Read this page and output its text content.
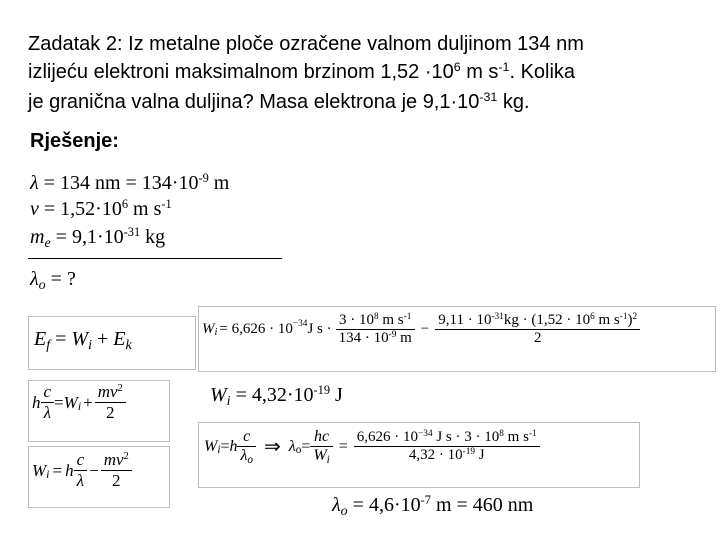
Zadatak 2: Iz metalne ploče ozračene valnom duljinom 134 nm

izlijeću elektroni maksimalnom brzinom $1,52 \cdot 10^6$ m $s^{-1}$. Kolika

je granična valna duljina? Masa elektrona je $9,1\cdot 10^{-31}$ kg.

Rješenje:
λ = 134 nm = $134\cdot 10^{-9}$ m
$v = 1,52\cdot 10^6$ m $s^{-1}$
$m_e = 9,1\cdot 10^{-31}$ kg
$\lambda_o$ = ?
$E_f = W_i + E_k$
h $\frac{c}{\lambda} = W$ $_i + \frac{mv^2}{2}$
W $_i$ = h $\frac{c}{\lambda} - \frac{mv^2}{2}$
W $_i = 6,626 \cdot 10^{-34}$ J $s \cdot \frac{3 \cdot 10^8 m s^{-1}}{134 \cdot 10^{-9} m} - \frac{9,11 \cdot 10^{-31}kg \cdot (1,52 \cdot 10^6 m s^{-1})^2}{2}$
$W_i = 4,32\cdot 10^{-19}$ J
W $_i$ = h $\frac{c}{\lambda_o}$ ⇒ $\lambda_o = \frac{hc}{W_i} = \frac{6,626 \cdot 10^{-34} J s \cdot 3 \cdot 10^8 m s^{-1}}{4,32 \cdot 10^{-19} J}$
$\lambda_o = 4,6\cdot 10^{-7}$ m = 460 nm
